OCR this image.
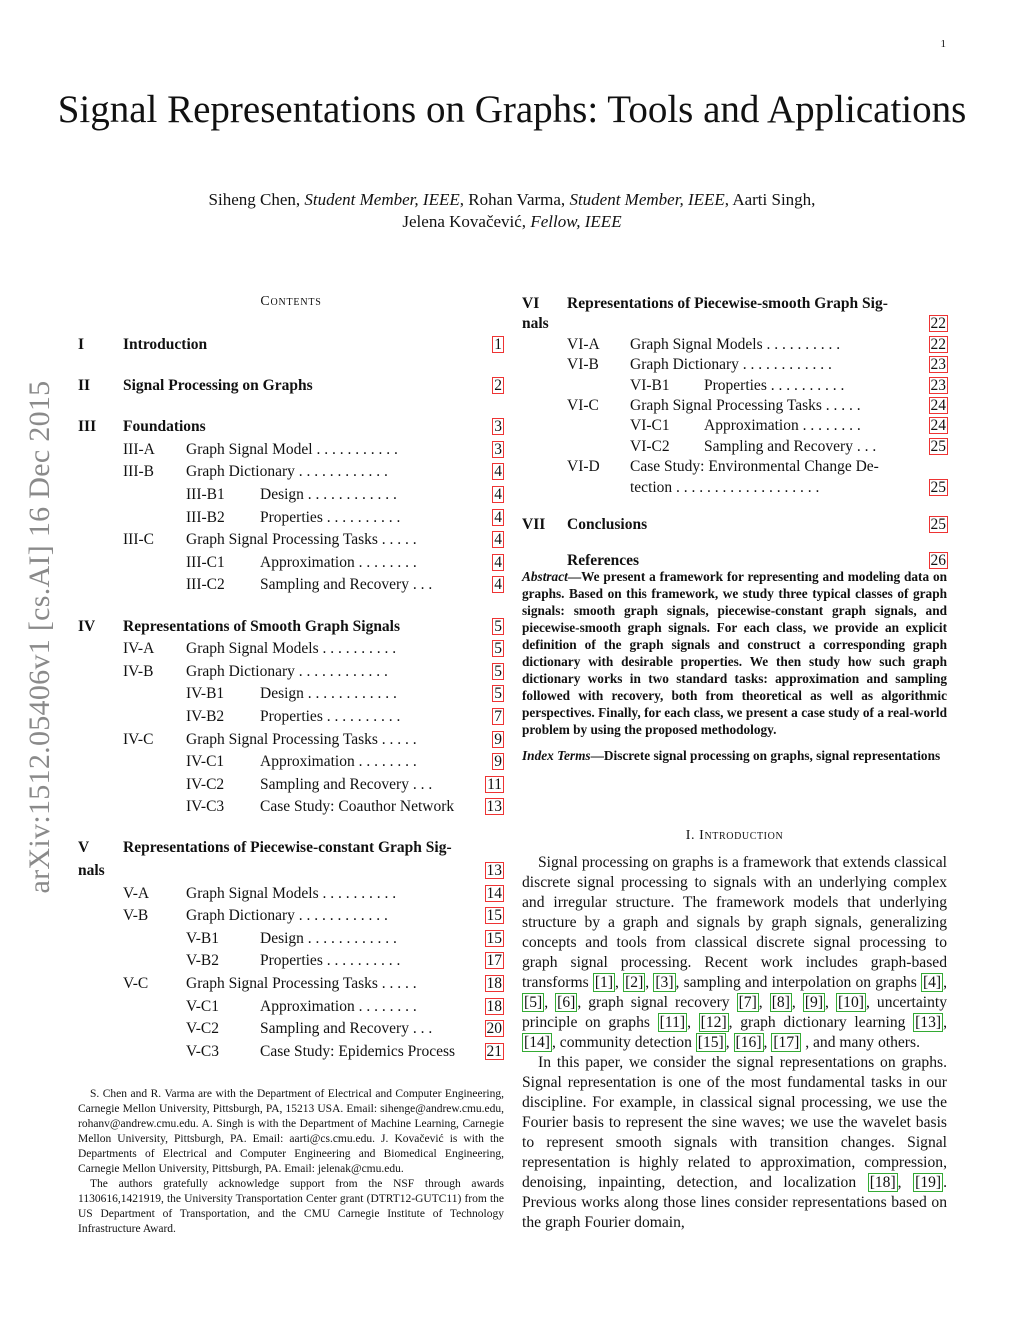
1
Signal Representations on Graphs: Tools and Applications
Siheng Chen, Student Member, IEEE, Rohan Varma, Student Member, IEEE, Aarti Singh,
Jelena Kovačević, Fellow, IEEE
arXiv:1512.05406v1 [cs.AI] 16 Dec 2015
Contents
I	Introduction	1
II Signal Processing on Graphs	2
III Foundations	3
III-A Graph Signal Model . . . . . . . . . . .	3
III-B Graph Dictionary . . . . . . . . . . . .	4
III-B1 Design . . . . . . . . . . . .	4
III-B2 Properties . . . . . . . . . .	4
III-C Graph Signal Processing Tasks . . . . .	4
III-C1 Approximation . . . . . . . .	4
III-C2 Sampling and Recovery . . .	4
IV Representations of Smooth Graph Signals	5
IV-A Graph Signal Models . . . . . . . . . .	5
IV-B Graph Dictionary . . . . . . . . . . . .	5
IV-B1 Design . . . . . . . . . . . .	5
IV-B2 Properties . . . . . . . . . .	7
IV-C Graph Signal Processing Tasks . . . . .	9
IV-C1 Approximation . . . . . . . .	9
IV-C2 Sampling and Recovery . . .	11
IV-C3 Case Study: Coauthor Network	13
V Representations of Piecewise-constant Graph Sig-
nals	13
V-A Graph Signal Models . . . . . . . . . .	14
V-B Graph Dictionary . . . . . . . . . . . .	15
V-B1	Design . . . . . . . . . . . .	15
V-B2	Properties . . . . . . . . . .	17
V-C Graph Signal Processing Tasks . . . . .	18
V-C1	Approximation . . . . . . . .	18
V-C2	Sampling and Recovery . . .	20
V-C3	Case Study: Epidemics Process	21
VI Representations of Piecewise-smooth Graph Sig-
nals	22
VI-A Graph Signal Models . . . . . . . . . .	22
VI-B Graph Dictionary . . . . . . . . . . . .	23
VI-B1 Properties . . . . . . . . . .	23
VI-C Graph Signal Processing Tasks . . . . .	24
VI-C1 Approximation . . . . . . . .	24
VI-C2 Sampling and Recovery . . .	25
VI-D Case Study: Environmental Change De-
tection . . . . . . . . . . . . . . . . . . .	25
VII Conclusions	25
References	26
Abstract—We present a framework for representing and modeling data on graphs. Based on this framework, we study three typical classes of graph signals: smooth graph signals, piecewise-constant graph signals, and piecewise-smooth graph signals. For each class, we provide an explicit definition of the graph signals and construct a corresponding graph dictionary with desirable properties. We then study how such graph dictionary works in two standard tasks: approximation and sampling followed with recovery, both from theoretical as well as algorithmic perspectives. Finally, for each class, we present a case study of a real-world problem by using the proposed methodology.
Index Terms—Discrete signal processing on graphs, signal representations
I. Introduction

Signal processing on graphs is a framework that extends classical discrete signal processing to signals with an underlying complex and irregular structure. The framework models that underlying structure by a graph and signals by graph signals, generalizing concepts and tools from classical discrete signal processing to graph signal processing. Recent work includes graph-based transforms [1] , [2] , [3] , sampling and interpolation on graphs [4] , [5] , [6] , graph signal recovery [7] , [8] , [9] , [10] , uncertainty principle on graphs [11] , [12] , graph dictionary learning [13] , [14] , community detection [15] , [16] , [17] , and many others.

In this paper, we consider the signal representations on graphs. Signal representation is one of the most fundamental tasks in our discipline. For example, in classical signal processing, we use the Fourier basis to represent the sine waves; we use the wavelet basis to represent smooth signals with transition changes. Signal representation is highly related to approximation, compression, denoising, inpainting, detection, and localization [18] , [19] . Previous works along those lines consider representations based on the graph Fourier domain,

S. Chen and R. Varma are with the Department of Electrical and Computer Engineering, Carnegie Mellon University, Pittsburgh, PA, 15213 USA. Email: sihenge@andrew.cmu.edu, rohanv@andrew.cmu.edu. A. Singh is with the Department of Machine Learning, Carnegie Mellon University, Pittsburgh, PA. Email: aarti@cs.cmu.edu. J. Kovačević is with the Departments of Electrical and Computer Engineering and Biomedical Engineering, Carnegie Mellon University, Pittsburgh, PA. Email: jelenak@cmu.edu.

The authors gratefully acknowledge support from the NSF through awards 1130616,1421919, the University Transportation Center grant (DTRT12-GUTC11) from the US Department of Transportation, and the CMU Carnegie Institute of Technology Infrastructure Award.
